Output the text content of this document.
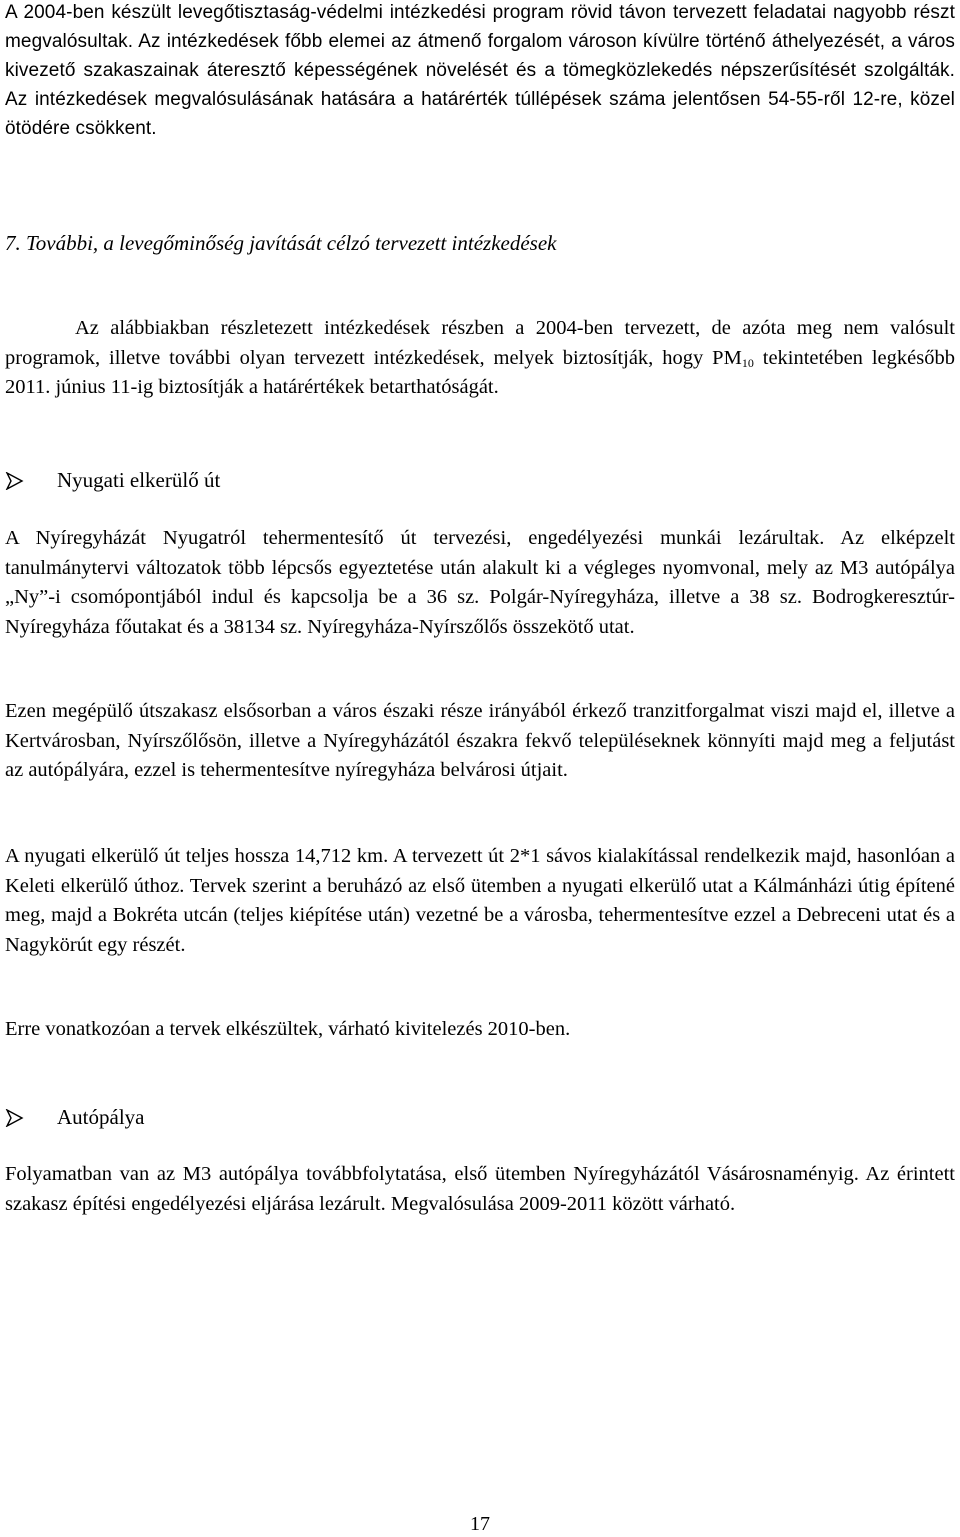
A 2004-ben készült levegőtisztaság-védelmi intézkedési program rövid távon tervezett feladatai nagyobb részt megvalósultak. Az intézkedések főbb elemei az átmenő forgalom városon kívülre történő áthelyezését, a város kivezető szakaszainak áteresztő képességének növelését és a tömegközlekedés népszerűsítését szolgálták. Az intézkedések megvalósulásának hatására a határérték túllépések száma jelentősen 54-55-ről 12-re, közel ötödére csökkent.

7. További, a levegőminőség javítását célzó tervezett intézkedések

Az alábbiakban részletezett intézkedések részben a 2004-ben tervezett, de azóta meg nem valósult programok, illetve további olyan tervezett intézkedések, melyek biztosítják, hogy $PM_{10}$ tekintetében legkésőbb 2011. június 11-ig biztosítják a határértékek betarthatóságát.

Nyugati elkerülő út

A Nyíregyházát Nyugatról tehermentesítő út tervezési, engedélyezési munkái lezárultak. Az elképzelt tanulmánytervi változatok több lépcsős egyeztetése után alakult ki a végleges nyomvonal, mely az M3 autópálya „Ny”-i csomópontjából indul és kapcsolja be a 36 sz. Polgár-Nyíregyháza, illetve a 38 sz. Bodrogkeresztúr-Nyíregyháza főutakat és a 38134 sz. Nyíregyháza-Nyírszőlős összekötő utat.

Ezen megépülő útszakasz elsősorban a város északi része irányából érkező tranzitforgalmat viszi majd el, illetve a Kertvárosban, Nyírszőlősön, illetve a Nyíregyházától északra fekvő településeknek könnyíti majd meg a feljutást az autópályára, ezzel is tehermentesítve nyíregyháza belvárosi útjait.

A nyugati elkerülő út teljes hossza 14,712 km. A tervezett út 2*1 sávos kialakítással rendelkezik majd, hasonlóan a Keleti elkerülő úthoz. Tervek szerint a beruházó az első ütemben a nyugati elkerülő utat a Kálmánházi útig építené meg, majd a Bokréta utcán (teljes kiépítése után) vezetné be a városba, tehermentesítve ezzel a Debreceni utat és a Nagykörút egy részét.

Erre vonatkozóan a tervek elkészültek, várható kivitelezés 2010-ben.

Autópálya

Folyamatban van az M3 autópálya továbbfolytatása, első ütemben Nyíregyházától Vásárosnaményig. Az érintett szakasz építési engedélyezési eljárása lezárult. Megvalósulása 2009-2011 között várható.

17
